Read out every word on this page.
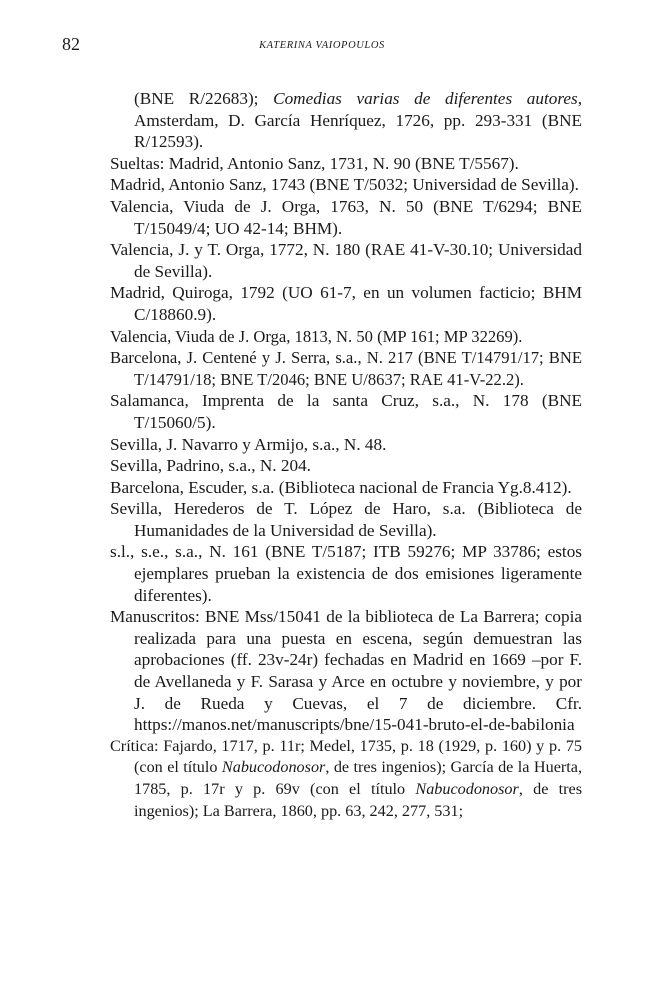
82	KATERINA VAIOPOULOS

(BNE R/22683); Comedias varias de diferentes autores, Amsterdam, D. García Henríquez, 1726, pp. 293-331 (BNE R/12593).

Sueltas: Madrid, Antonio Sanz, 1731, N. 90 (BNE T/5567).

Madrid, Antonio Sanz, 1743 (BNE T/5032; Universidad de Sevilla).

Valencia, Viuda de J. Orga, 1763, N. 50 (BNE T/6294; BNE T/15049/4; UO 42-14; BHM).

Valencia, J. y T. Orga, 1772, N. 180 (RAE 41-V-30.10; Universidad de Sevilla).

Madrid, Quiroga, 1792 (UO 61-7, en un volumen facticio; BHM C/18860.9).

Valencia, Viuda de J. Orga, 1813, N. 50 (MP 161; MP 32269).

Barcelona, J. Centené y J. Serra, s.a., N. 217 (BNE T/14791/17; BNE T/14791/18; BNE T/2046; BNE U/8637; RAE 41-V-22.2).

Salamanca, Imprenta de la santa Cruz, s.a., N. 178 (BNE T/15060/5).

Sevilla, J. Navarro y Armijo, s.a., N. 48.

Sevilla, Padrino, s.a., N. 204.

Barcelona, Escuder, s.a. (Biblioteca nacional de Francia Yg.8.412).

Sevilla, Herederos de T. López de Haro, s.a. (Biblioteca de Humanidades de la Universidad de Sevilla).

s.l., s.e., s.a., N. 161 (BNE T/5187; ITB 59276; MP 33786; estos ejemplares prueban la existencia de dos emisiones ligeramente diferentes).

Manuscritos: BNE Mss/15041 de la biblioteca de La Barrera; copia realizada para una puesta en escena, según demuestran las aprobaciones (ff. 23v-24r) fechadas en Madrid en 1669 –por F. de Avellaneda y F. Sarasa y Arce en octubre y noviembre, y por J. de Rueda y Cuevas, el 7 de diciembre. Cfr. https://manos.net/manuscripts/bne/15-041-bruto-el-de-babilonia

Crítica: Fajardo, 1717, p. 11r; Medel, 1735, p. 18 (1929, p. 160) y p. 75 (con el título Nabucodonosor, de tres ingenios); García de la Huerta, 1785, p. 17r y p. 69v (con el título Nabucodonosor, de tres ingenios); La Barrera, 1860, pp. 63, 242, 277, 531;
